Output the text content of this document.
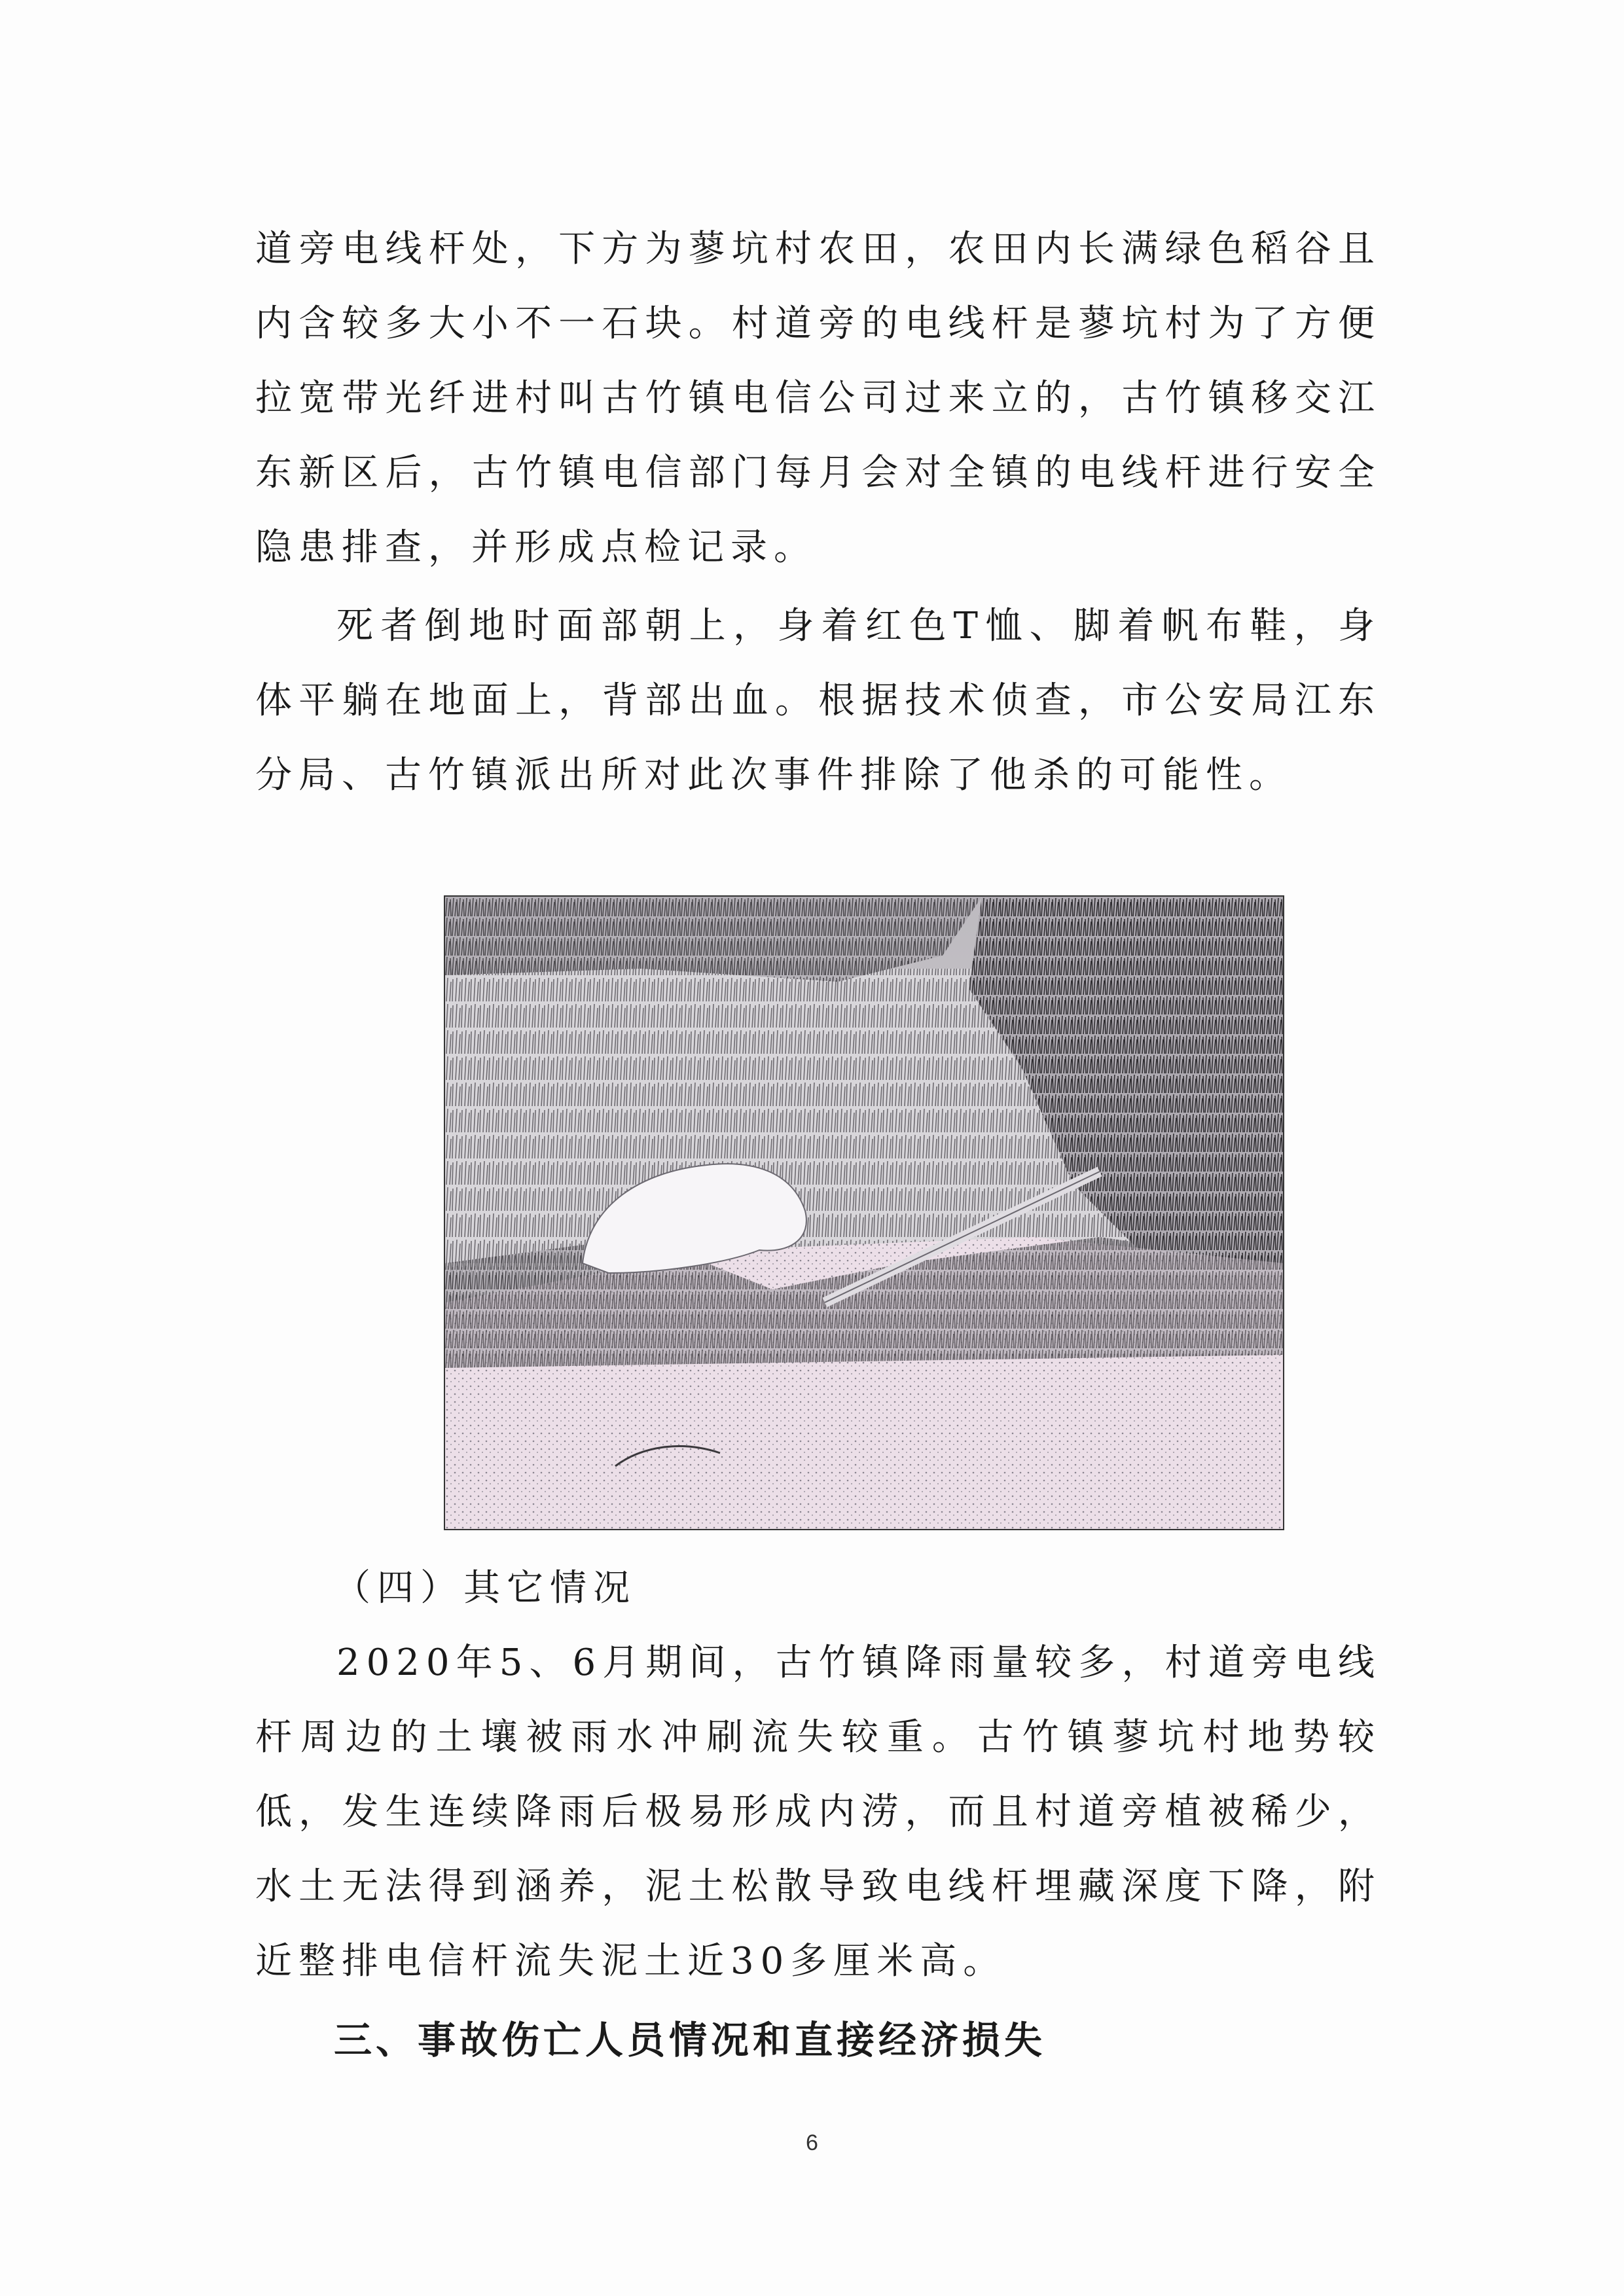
道旁电线杆处，下方为蓼坑村农田，农田内长满绿色稻谷且内含较多大小不一石块。村道旁的电线杆是蓼坑村为了方便拉宽带光纤进村叫古竹镇电信公司过来立的，古竹镇移交江东新区后，古竹镇电信部门每月会对全镇的电线杆进行安全隐患排查，并形成点检记录。

死者倒地时面部朝上，身着红色T恤、脚着帆布鞋，身体平躺在地面上，背部出血。根据技术侦查，市公安局江东分局、古竹镇派出所对此次事件排除了他杀的可能性。

（四）其它情况

2020年5、6月期间，古竹镇降雨量较多，村道旁电线杆周边的土壤被雨水冲刷流失较重。古竹镇蓼坑村地势较低，发生连续降雨后极易形成内涝，而且村道旁植被稀少，水土无法得到涵养，泥土松散导致电线杆埋藏深度下降，附近整排电信杆流失泥土近30多厘米高。

三、事故伤亡人员情况和直接经济损失

6
